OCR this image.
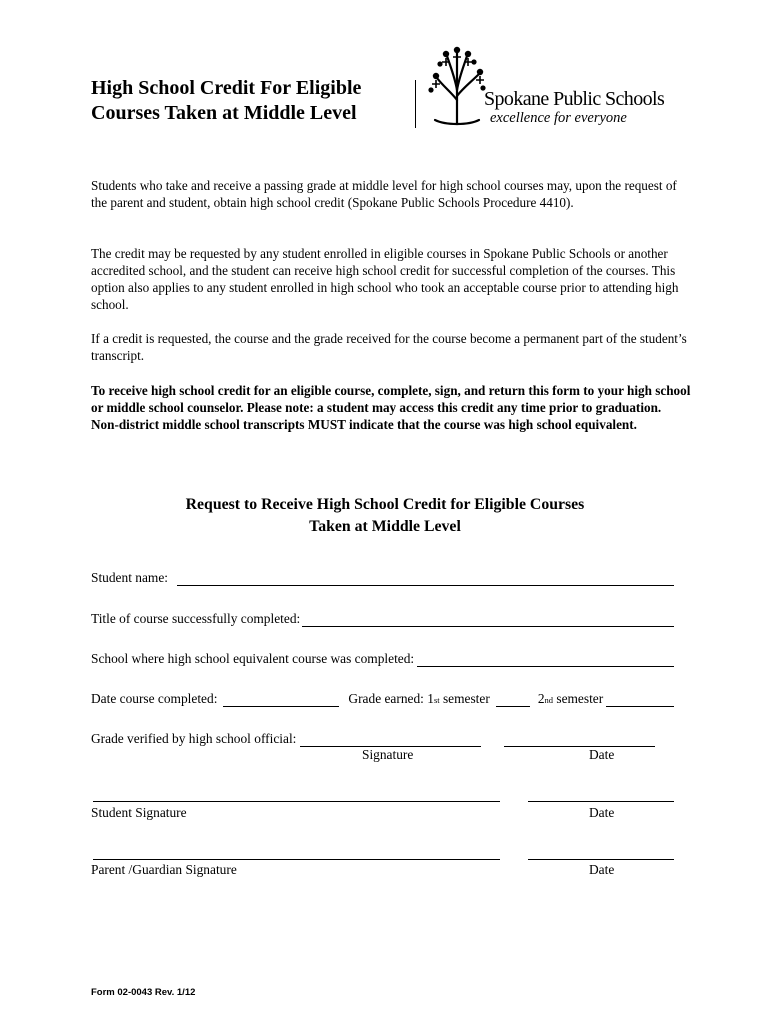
High School Credit For Eligible
Courses Taken at Middle Level
Spokane Public Schools
excellence for everyone
Students who take and receive a passing grade at middle level for high school courses may, upon the request of the parent and student, obtain high school credit (Spokane Public Schools Procedure 4410).
The credit may be requested by any student enrolled in eligible courses in Spokane Public Schools or another accredited school, and the student can receive high school credit for successful completion of the courses. This option also applies to any student enrolled in high school who took an acceptable course prior to attending high school.
If a credit is requested, the course and the grade received for the course become a permanent part of the student’s transcript.
To receive high school credit for an eligible course, complete, sign, and return this form to your high school or middle school counselor. Please note: a student may access this credit any time prior to graduation. Non-district middle school transcripts MUST indicate that the course was high school equivalent.
Request to Receive High School Credit for Eligible Courses
Taken at Middle Level
Student name:
Title of course successfully completed:
School where high school equivalent course was completed:
Date course completed:	Grade earned: 1st semester	2nd semester
Grade verified by high school official:
Signature	Date
Student Signature	Date
Parent /Guardian Signature	Date
Form 02-0043 Rev. 1/12
